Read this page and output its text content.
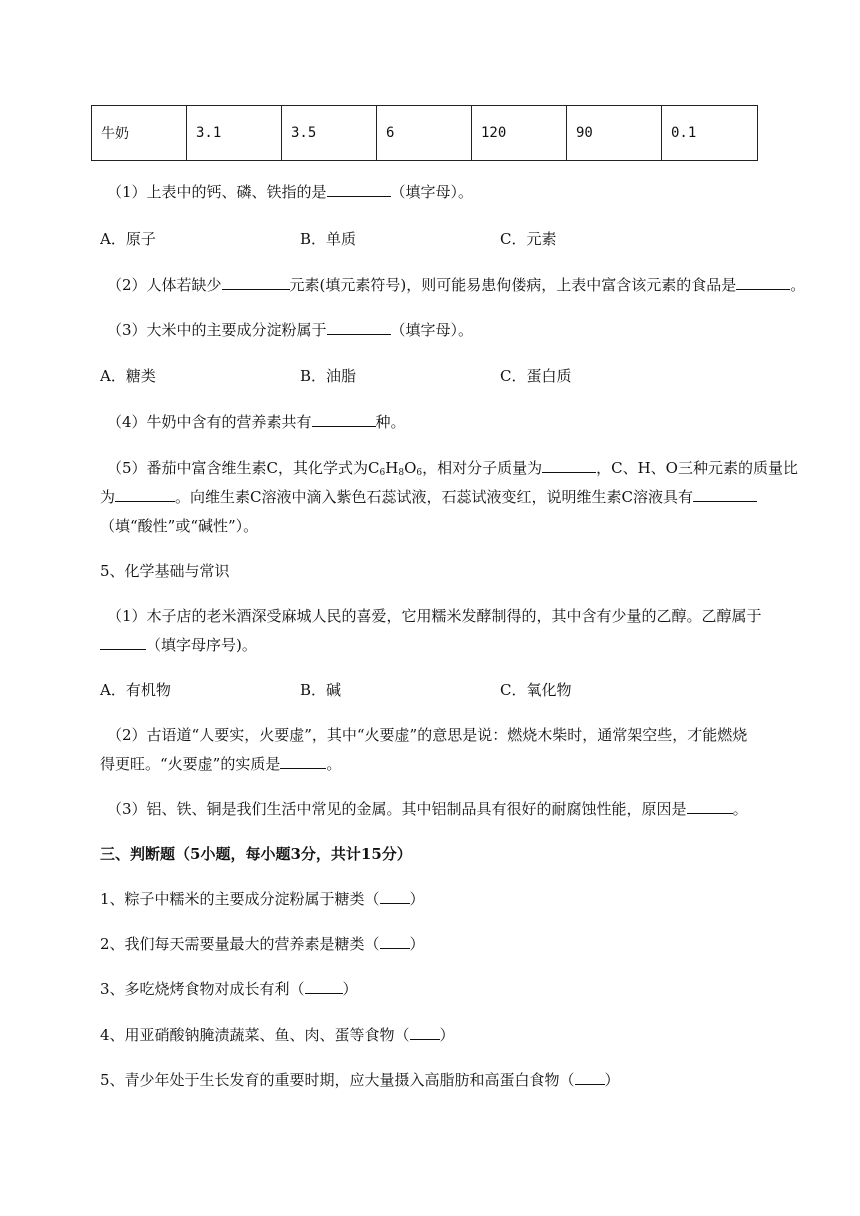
牛奶	3.1	3.5	6	120	90	0.1
（1）上表中的钙、磷、铁指的是	（填字母）。
A．原子	B．单质	C．元素
（2）人体若缺少	元素(填元素符号)，则可能易患佝偻病，上表中富含该元素的食品是	。
（3）大米中的主要成分淀粉属于	（填字母）。
A．糖类	B．油脂	C．蛋白质
（4）牛奶中含有的营养素共有	种。
（5）番茄中富含维生素C，其化学式为$C_6H_8O_6$，相对分子质量为	，C、H、O三种元素的质量比
为	。向维生素C溶液中滴入紫色石蕊试液，石蕊试液变红，说明维生素C溶液具有
（填“酸性”或“碱性”）。
5、化学基础与常识
（1）木子店的老米酒深受麻城人民的喜爱，它用糯米发酵制得的，其中含有少量的乙醇。乙醇属于
（填字母序号)。
A．有机物	B．碱	C．氧化物
（2）古语道“人要实，火要虚”，其中“火要虚”的意思是说：燃烧木柴时，通常架空些，才能燃烧
得更旺。“火要虚”的实质是	。
（3）铝、铁、铜是我们生活中常见的金属。其中铝制品具有很好的耐腐蚀性能，原因是	。
三、判断题（5小题，每小题3分，共计15分）
1、粽子中糯米的主要成分淀粉属于糖类（ ）
2、我们每天需要量最大的营养素是糖类（ ）
3、多吃烧烤食物对成长有利（	）
4、用亚硝酸钠腌渍蔬菜、鱼、肉、蛋等食物（ ）
5、青少年处于生长发育的重要时期，应大量摄入高脂肪和高蛋白食物（ ）
